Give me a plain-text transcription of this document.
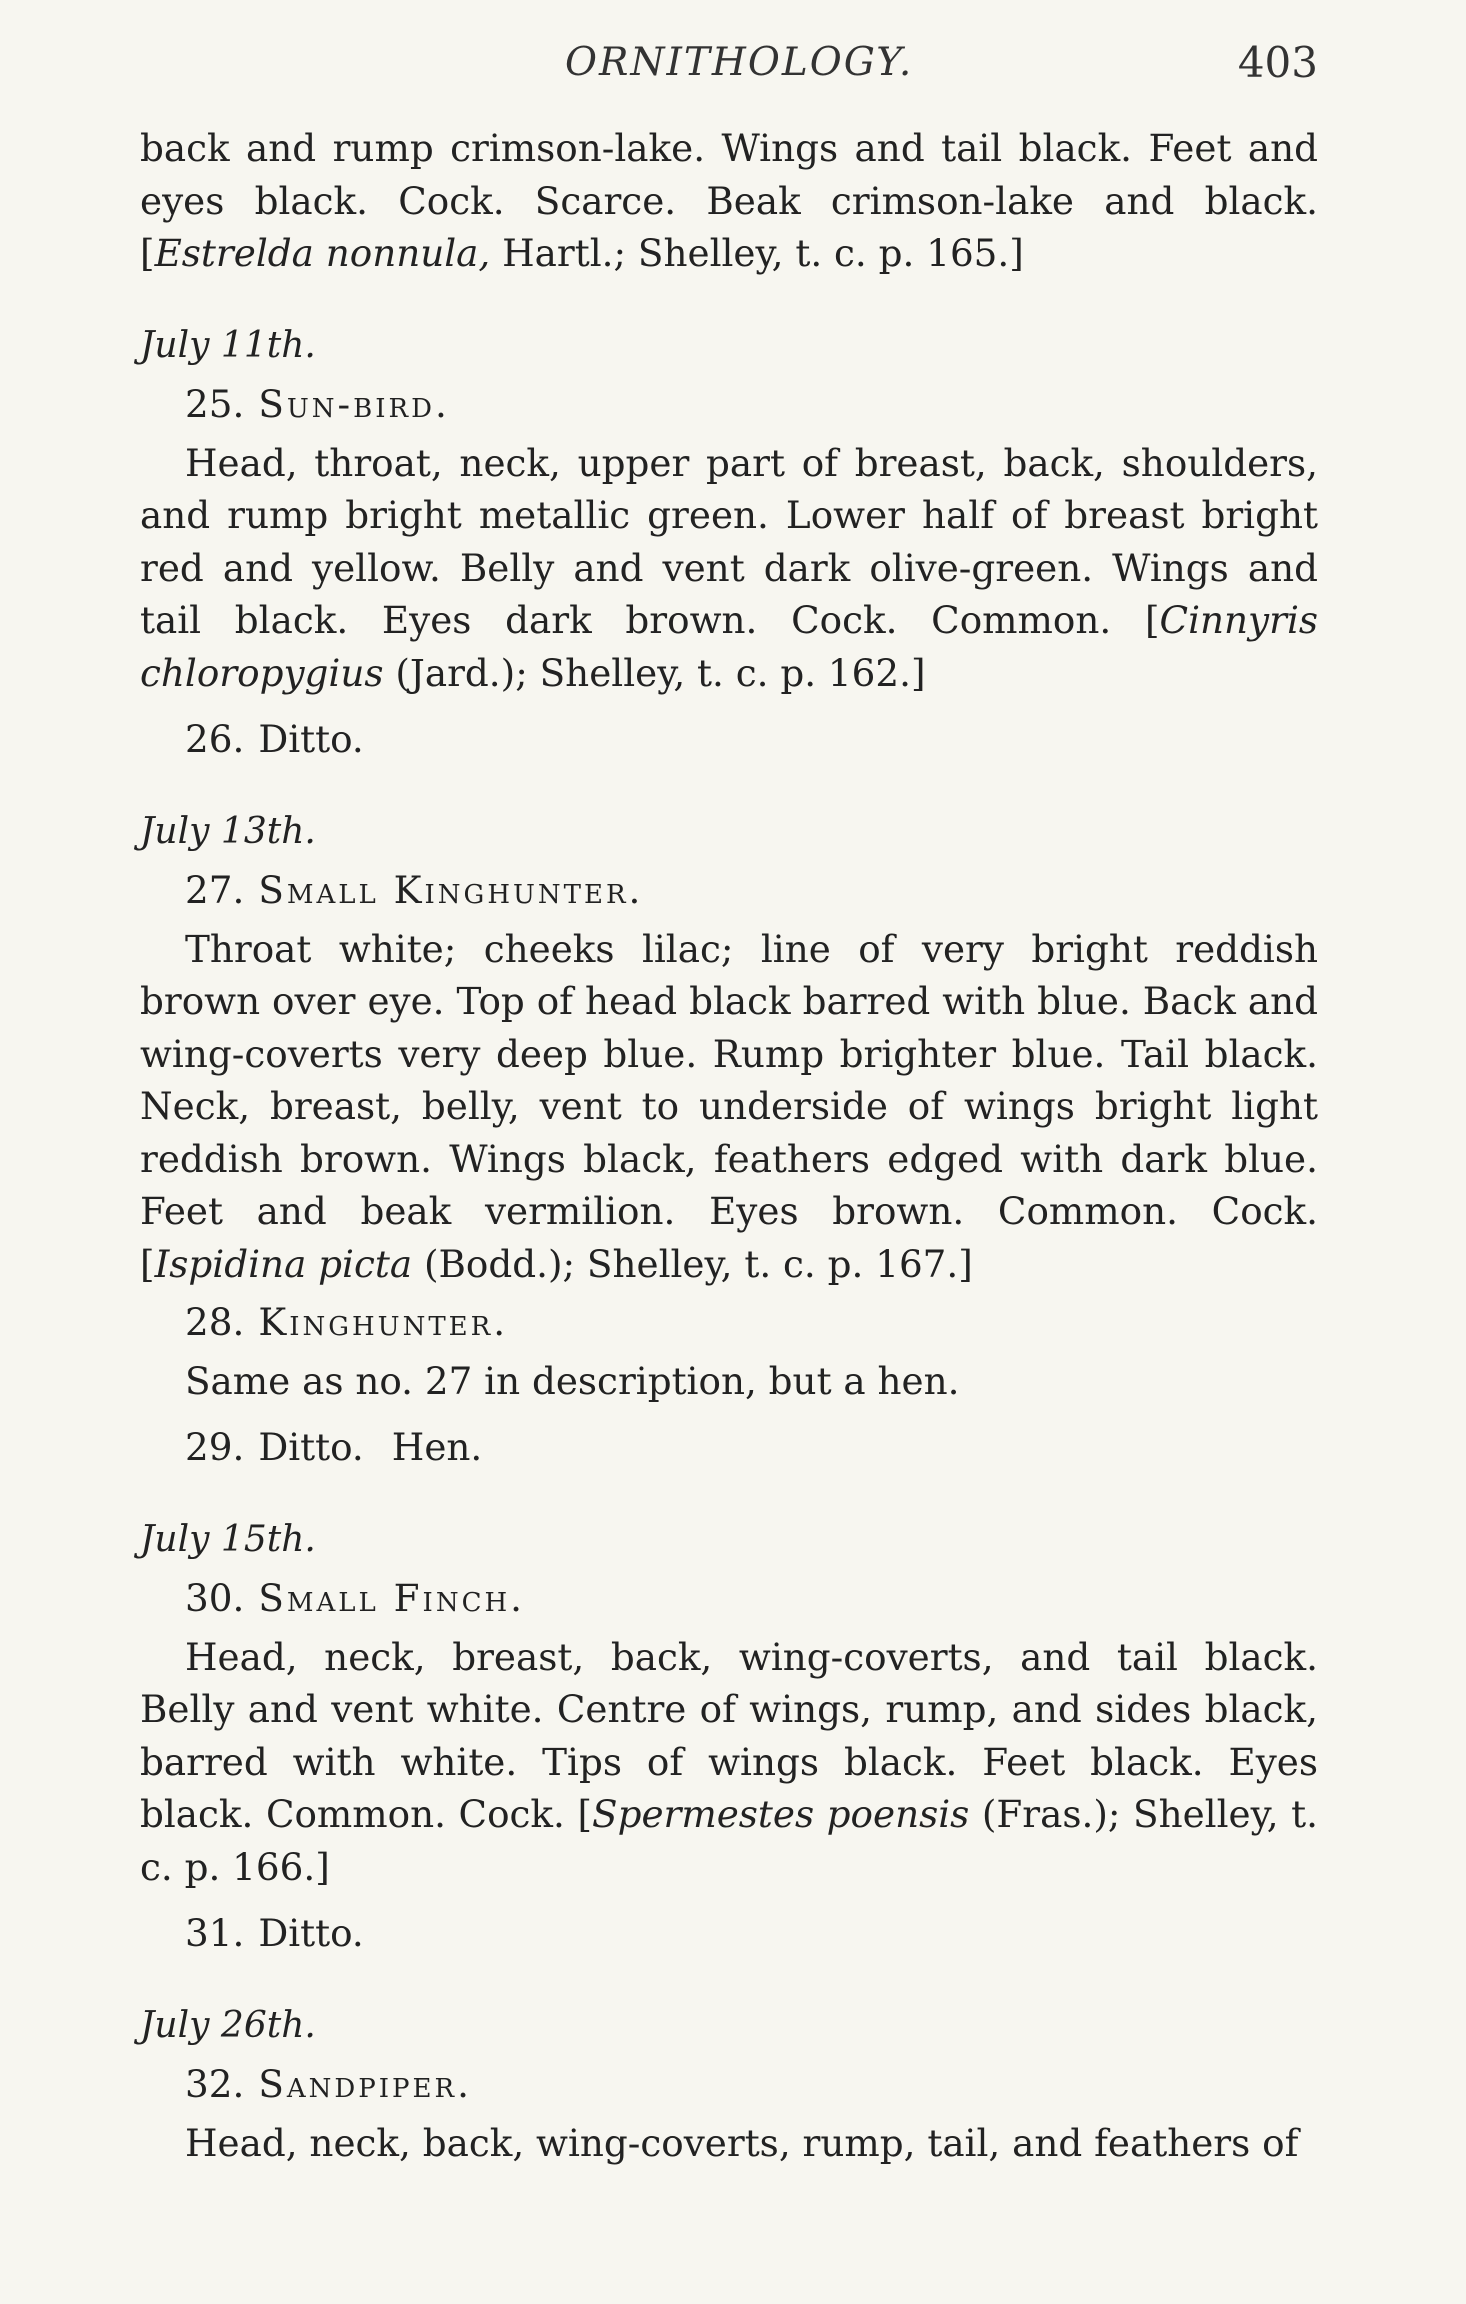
ORNITHOLOGY.	403

back and rump crimson-lake. Wings and tail black. Feet and eyes black. Cock. Scarce. Beak crimson-lake and black. [Estrelda nonnula, Hartl.; Shelley, t. c. p. 165.]

July 11th.

25. Sun-bird.

Head, throat, neck, upper part of breast, back, shoulders, and rump bright metallic green. Lower half of breast bright red and yellow. Belly and vent dark olive-green. Wings and tail black. Eyes dark brown. Cock. Common. [Cinnyris chloropygius (Jard.); Shelley, t. c. p. 162.]

26. Ditto.

July 13th.

27. Small Kinghunter.

Throat white; cheeks lilac; line of very bright reddish brown over eye. Top of head black barred with blue. Back and wing-coverts very deep blue. Rump brighter blue. Tail black. Neck, breast, belly, vent to underside of wings bright light reddish brown. Wings black, feathers edged with dark blue. Feet and beak vermilion. Eyes brown. Common. Cock. [Ispidina picta (Bodd.); Shelley, t. c. p. 167.]

28. Kinghunter.

Same as no. 27 in description, but a hen.

29. Ditto. Hen.

July 15th.

30. Small Finch.

Head, neck, breast, back, wing-coverts, and tail black. Belly and vent white. Centre of wings, rump, and sides black, barred with white. Tips of wings black. Feet black. Eyes black. Common. Cock. [Spermestes poensis (Fras.); Shelley, t. c. p. 166.]

31. Ditto.

July 26th.

32. Sandpiper.

Head, neck, back, wing-coverts, rump, tail, and feathers of
